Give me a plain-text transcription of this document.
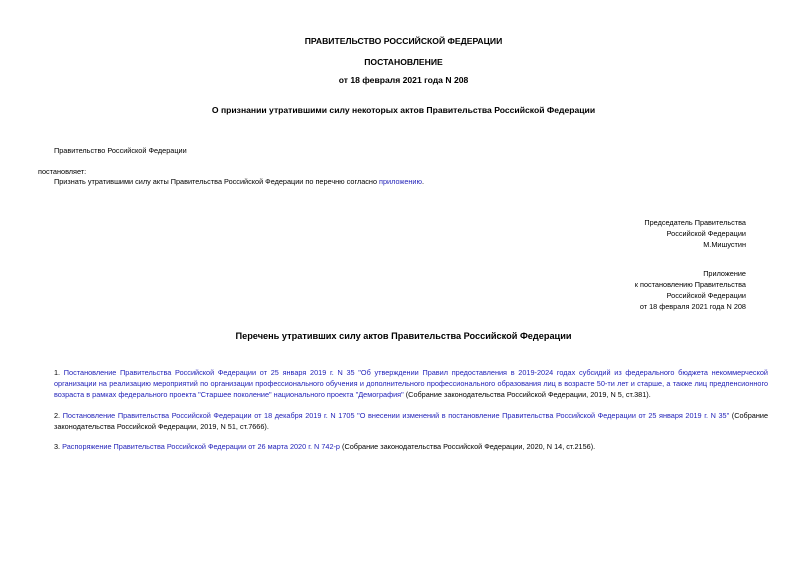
ПРАВИТЕЛЬСТВО РОССИЙСКОЙ ФЕДЕРАЦИИ
ПОСТАНОВЛЕНИЕ
от 18 февраля 2021 года N 208
О признании утратившими силу некоторых актов Правительства Российской Федерации
Правительство Российской Федерации
постановляет:
Признать утратившими силу акты Правительства Российской Федерации по перечню согласно приложению.
Председатель Правительства
Российской Федерации
М.Мишустин
Приложение
к постановлению Правительства
Российской Федерации
от 18 февраля 2021 года N 208
Перечень утративших силу актов Правительства Российской Федерации

1. Постановление Правительства Российской Федерации от 25 января 2019 г. N 35 "Об утверждении Правил предоставления в 2019-2024 годах субсидий из федерального бюджета некоммерческой организации на реализацию мероприятий по организации профессионального обучения и дополнительного профессионального образования лиц в возрасте 50-ти лет и старше, а также лиц предпенсионного возраста в рамках федерального проекта "Старшее поколение" национального проекта "Демография" (Собрание законодательства Российской Федерации, 2019, N 5, ст.381).

2. Постановление Правительства Российской Федерации от 18 декабря 2019 г. N 1705 "О внесении изменений в постановление Правительства Российской Федерации от 25 января 2019 г. N 35" (Собрание законодательства Российской Федерации, 2019, N 51, ст.7666).

3. Распоряжение Правительства Российской Федерации от 26 марта 2020 г. N 742-р (Собрание законодательства Российской Федерации, 2020, N 14, ст.2156).
